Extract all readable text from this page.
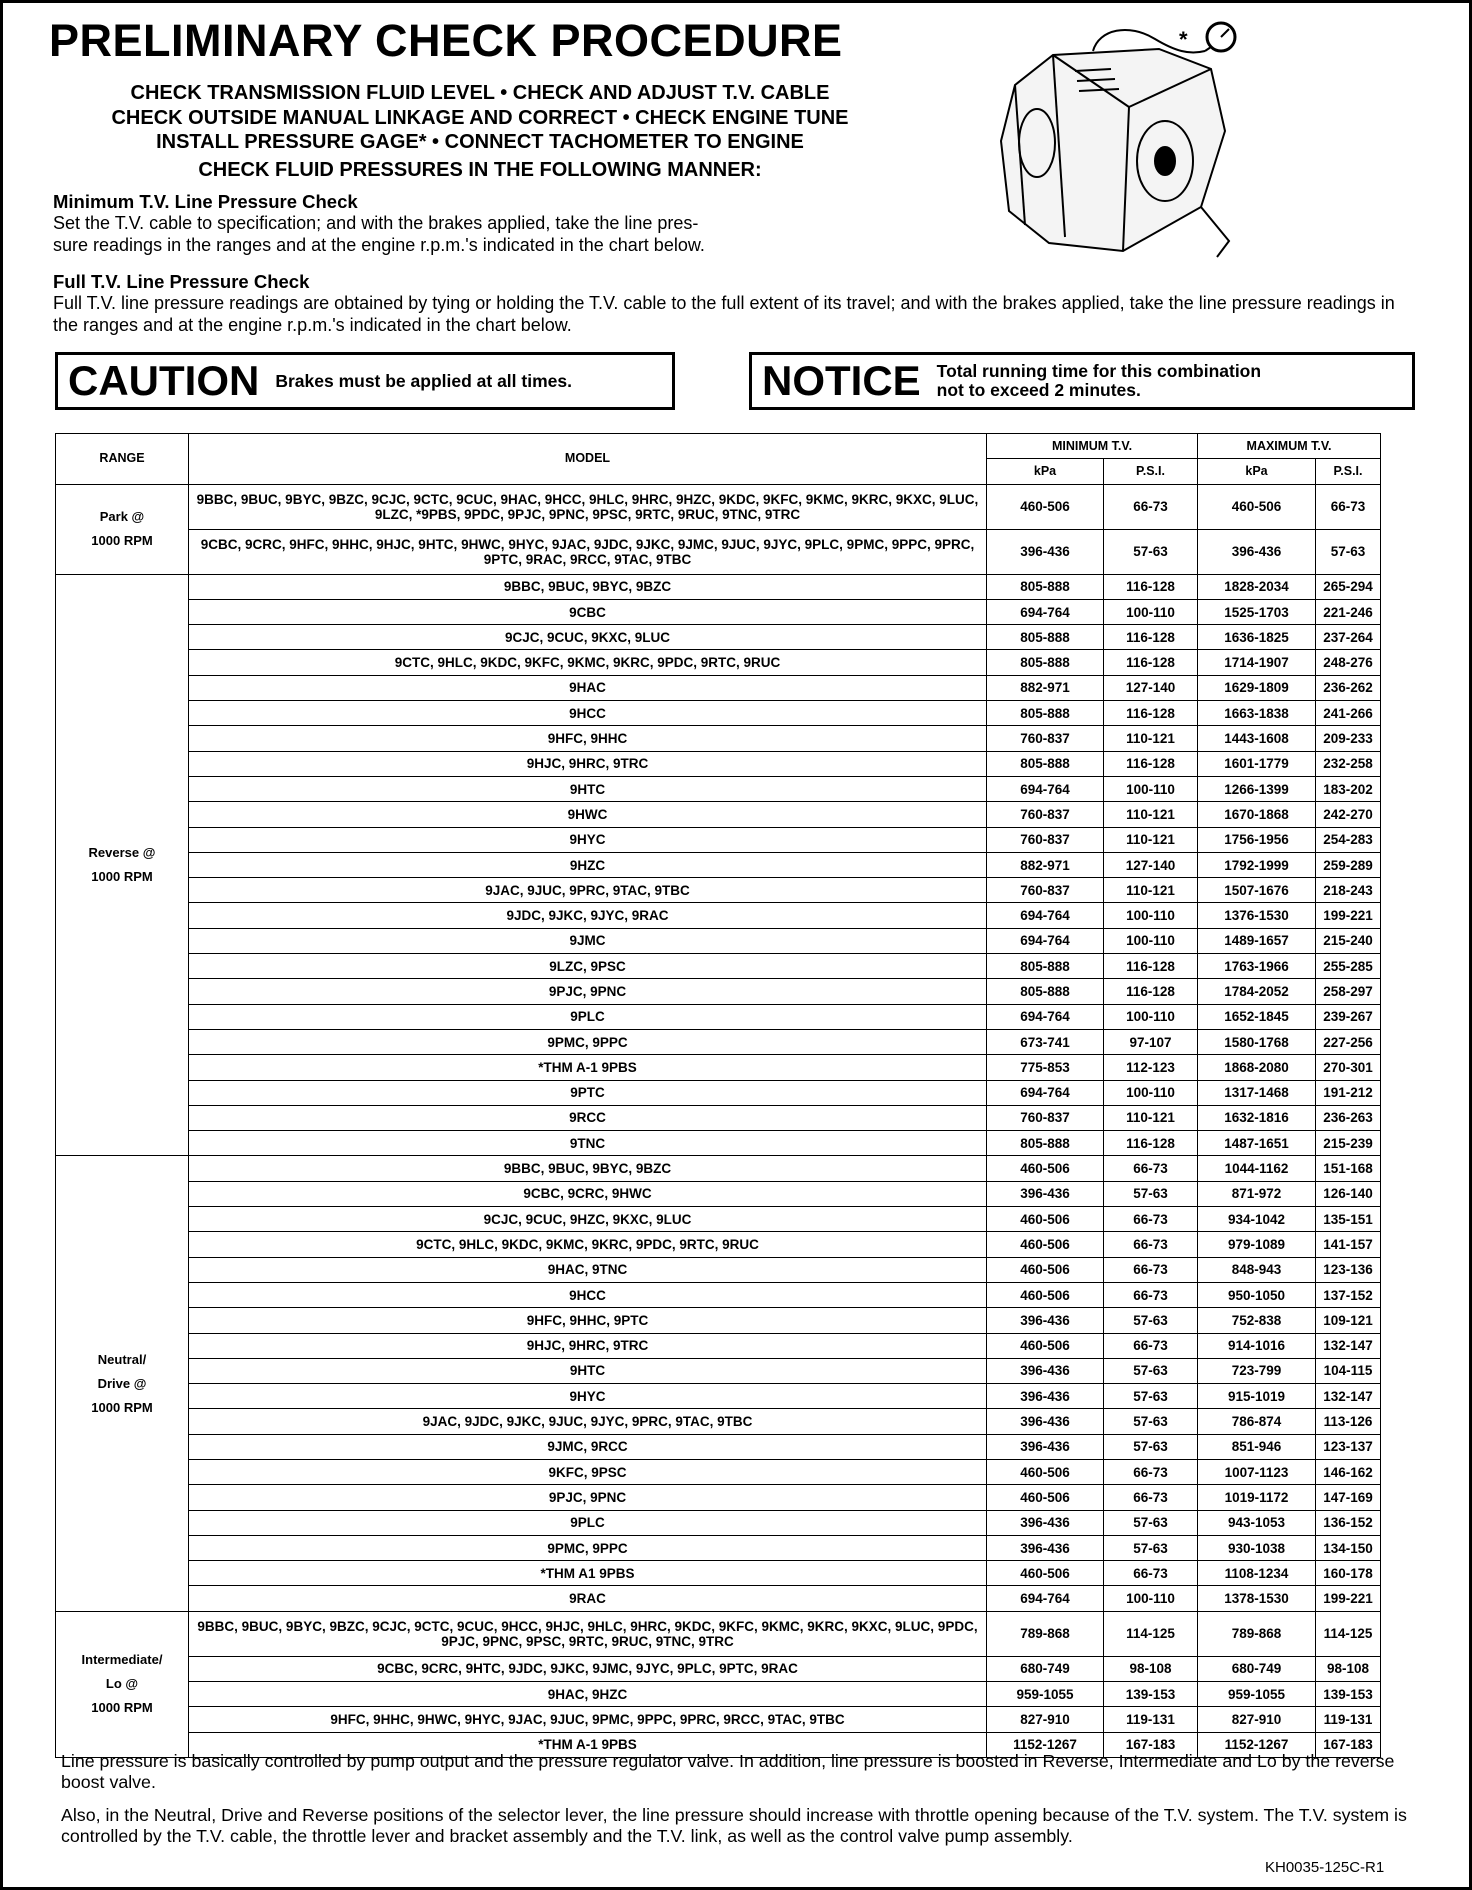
PRELIMINARY CHECK PROCEDURE
CHECK TRANSMISSION FLUID LEVEL • CHECK AND ADJUST T.V. CABLE
CHECK OUTSIDE MANUAL LINKAGE AND CORRECT • CHECK ENGINE TUNE
INSTALL PRESSURE GAGE* • CONNECT TACHOMETER TO ENGINE
CHECK FLUID PRESSURES IN THE FOLLOWING MANNER:
Minimum T.V. Line Pressure Check
Set the T.V. cable to specification; and with the brakes applied, take the line pres-
sure readings in the ranges and at the engine r.p.m.'s indicated in the chart below.
Full T.V. Line Pressure Check
Full T.V. line pressure readings are obtained by tying or holding the T.V. cable to the full extent of its travel; and with the brakes applied, take the line pressure readings in the ranges and at the engine r.p.m.'s indicated in the chart below.
*
CAUTION Brakes must be applied at all times.	NOTICE Total running time for this combination
not to exceed 2 minutes.
RANGE	MODEL	MINIMUM T.V.		MAXIMUM T.V.	
		kPa	P.S.I.	kPa	P.S.I.

Park @
1000 RPM	9BBC, 9BUC, 9BYC, 9BZC, 9CJC, 9CTC, 9CUC, 9HAC, 9HCC, 9HLC, 9HRC, 9HZC, 9KDC, 9KFC, 9KMC, 9KRC, 9KXC, 9LUC, 9LZC, *9PBS, 9PDC, 9PJC, 9PNC, 9PSC, 9RTC, 9RUC, 9TNC, 9TRC	460-506	66-73	460-506	66-73
	9CBC, 9CRC, 9HFC, 9HHC, 9HJC, 9HTC, 9HWC, 9HYC, 9JAC, 9JDC, 9JKC, 9JMC, 9JUC, 9JYC, 9PLC, 9PMC, 9PPC, 9PRC, 9PTC, 9RAC, 9RCC, 9TAC, 9TBC	396-436	57-63	396-436	57-63

Reverse @
1000 RPM	9BBC, 9BUC, 9BYC, 9BZC	805-888	116-128	1828-2034	265-294
	9CBC	694-764	100-110	1525-1703	221-246
	9CJC, 9CUC, 9KXC, 9LUC	805-888	116-128	1636-1825	237-264
	9CTC, 9HLC, 9KDC, 9KFC, 9KMC, 9KRC, 9PDC, 9RTC, 9RUC	805-888	116-128	1714-1907	248-276
	9HAC	882-971	127-140	1629-1809	236-262
	9HCC	805-888	116-128	1663-1838	241-266
	9HFC, 9HHC	760-837	110-121	1443-1608	209-233
	9HJC, 9HRC, 9TRC	805-888	116-128	1601-1779	232-258
	9HTC	694-764	100-110	1266-1399	183-202
	9HWC	760-837	110-121	1670-1868	242-270
	9HYC	760-837	110-121	1756-1956	254-283
	9HZC	882-971	127-140	1792-1999	259-289
	9JAC, 9JUC, 9PRC, 9TAC, 9TBC	760-837	110-121	1507-1676	218-243
	9JDC, 9JKC, 9JYC, 9RAC	694-764	100-110	1376-1530	199-221
	9JMC	694-764	100-110	1489-1657	215-240
	9LZC, 9PSC	805-888	116-128	1763-1966	255-285
	9PJC, 9PNC	805-888	116-128	1784-2052	258-297
	9PLC	694-764	100-110	1652-1845	239-267
	9PMC, 9PPC	673-741	97-107	1580-1768	227-256
	*THM A-1 9PBS	775-853	112-123	1868-2080	270-301
	9PTC	694-764	100-110	1317-1468	191-212
	9RCC	760-837	110-121	1632-1816	236-263
	9TNC	805-888	116-128	1487-1651	215-239

Neutral/
Drive @
1000 RPM	9BBC, 9BUC, 9BYC, 9BZC	460-506	66-73	1044-1162	151-168
	9CBC, 9CRC, 9HWC	396-436	57-63	871-972	126-140
	9CJC, 9CUC, 9HZC, 9KXC, 9LUC	460-506	66-73	934-1042	135-151
	9CTC, 9HLC, 9KDC, 9KMC, 9KRC, 9PDC, 9RTC, 9RUC	460-506	66-73	979-1089	141-157
	9HAC, 9TNC	460-506	66-73	848-943	123-136
	9HCC	460-506	66-73	950-1050	137-152
	9HFC, 9HHC, 9PTC	396-436	57-63	752-838	109-121
	9HJC, 9HRC, 9TRC	460-506	66-73	914-1016	132-147
	9HTC	396-436	57-63	723-799	104-115
	9HYC	396-436	57-63	915-1019	132-147
	9JAC, 9JDC, 9JKC, 9JUC, 9JYC, 9PRC, 9TAC, 9TBC	396-436	57-63	786-874	113-126
	9JMC, 9RCC	396-436	57-63	851-946	123-137
	9KFC, 9PSC	460-506	66-73	1007-1123	146-162
	9PJC, 9PNC	460-506	66-73	1019-1172	147-169
	9PLC	396-436	57-63	943-1053	136-152
	9PMC, 9PPC	396-436	57-63	930-1038	134-150
	*THM A1 9PBS	460-506	66-73	1108-1234	160-178
	9RAC	694-764	100-110	1378-1530	199-221

Intermediate/
Lo @
1000 RPM	9BBC, 9BUC, 9BYC, 9BZC, 9CJC, 9CTC, 9CUC, 9HCC, 9HJC, 9HLC, 9HRC, 9KDC, 9KFC, 9KMC, 9KRC, 9KXC, 9LUC, 9PDC, 9PJC, 9PNC, 9PSC, 9RTC, 9RUC, 9TNC, 9TRC	789-868	114-125	789-868	114-125
	9CBC, 9CRC, 9HTC, 9JDC, 9JKC, 9JMC, 9JYC, 9PLC, 9PTC, 9RAC	680-749	98-108	680-749	98-108
	9HAC, 9HZC	959-1055	139-153	959-1055	139-153
	9HFC, 9HHC, 9HWC, 9HYC, 9JAC, 9JUC, 9PMC, 9PPC, 9PRC, 9RCC, 9TAC, 9TBC	827-910	119-131	827-910	119-131
	*THM A-1 9PBS	1152-1267	167-183	1152-1267	167-183
Line pressure is basically controlled by pump output and the pressure regulator valve. In addition, line pressure is boosted in Reverse, Intermediate and Lo by the reverse boost valve.
Also, in the Neutral, Drive and Reverse positions of the selector lever, the line pressure should increase with throttle opening because of the T.V. system. The T.V. system is controlled by the T.V. cable, the throttle lever and bracket assembly and the T.V. link, as well as the control valve pump assembly.
KH0035-125C-R1
